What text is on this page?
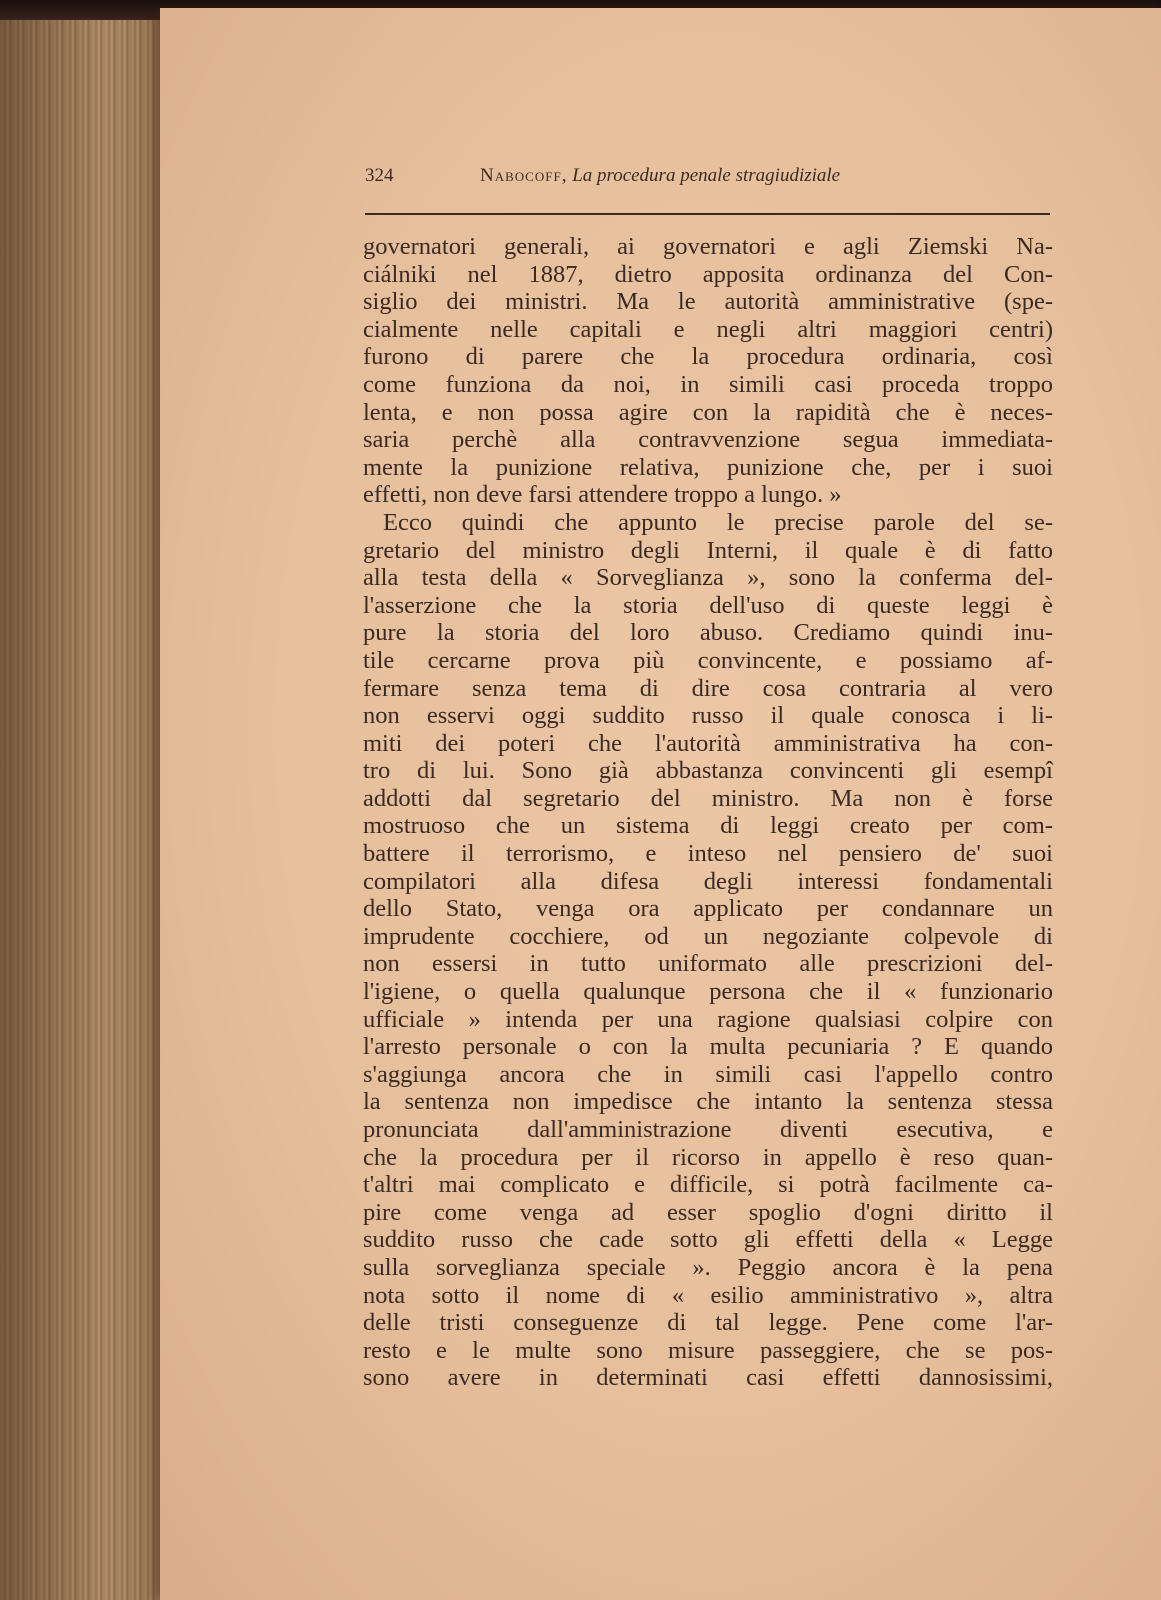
324	Nabocoff, La procedura penale stragiudiziale
governatori generali, ai governatori e agli Ziemski Na-
ciálniki nel 1887, dietro apposita ordinanza del Con-
siglio dei ministri. Ma le autorità amministrative (spe-
cialmente nelle capitali e negli altri maggiori centri)
furono di parere che la procedura ordinaria, così
come funziona da noi, in simili casi proceda troppo
lenta, e non possa agire con la rapidità che è neces-
saria perchè alla contravvenzione segua immediata-
mente la punizione relativa, punizione che, per i suoi
effetti, non deve farsi attendere troppo a lungo. »
Ecco quindi che appunto le precise parole del se-
gretario del ministro degli Interni, il quale è di fatto
alla testa della « Sorveglianza », sono la conferma del-
l'asserzione che la storia dell'uso di queste leggi è
pure la storia del loro abuso. Crediamo quindi inu-
tile cercarne prova più convincente, e possiamo af-
fermare senza tema di dire cosa contraria al vero
non esservi oggi suddito russo il quale conosca i li-
miti dei poteri che l'autorità amministrativa ha con-
tro di lui. Sono già abbastanza convincenti gli esempî
addotti dal segretario del ministro. Ma non è forse
mostruoso che un sistema di leggi creato per com-
battere il terrorismo, e inteso nel pensiero de' suoi
compilatori alla difesa degli interessi fondamentali
dello Stato, venga ora applicato per condannare un
imprudente cocchiere, od un negoziante colpevole di
non essersi in tutto uniformato alle prescrizioni del-
l'igiene, o quella qualunque persona che il « funzionario
ufficiale » intenda per una ragione qualsiasi colpire con
l'arresto personale o con la multa pecuniaria ? E quando
s'aggiunga ancora che in simili casi l'appello contro
la sentenza non impedisce che intanto la sentenza stessa
pronunciata dall'amministrazione diventi esecutiva, e
che la procedura per il ricorso in appello è reso quan-
t'altri mai complicato e difficile, si potrà facilmente ca-
pire come venga ad esser spoglio d'ogni diritto il
suddito russo che cade sotto gli effetti della « Legge
sulla sorveglianza speciale ». Peggio ancora è la pena
nota sotto il nome di « esilio amministrativo », altra
delle tristi conseguenze di tal legge. Pene come l'ar-
resto e le multe sono misure passeggiere, che se pos-
sono avere in determinati casi effetti dannosissimi,
